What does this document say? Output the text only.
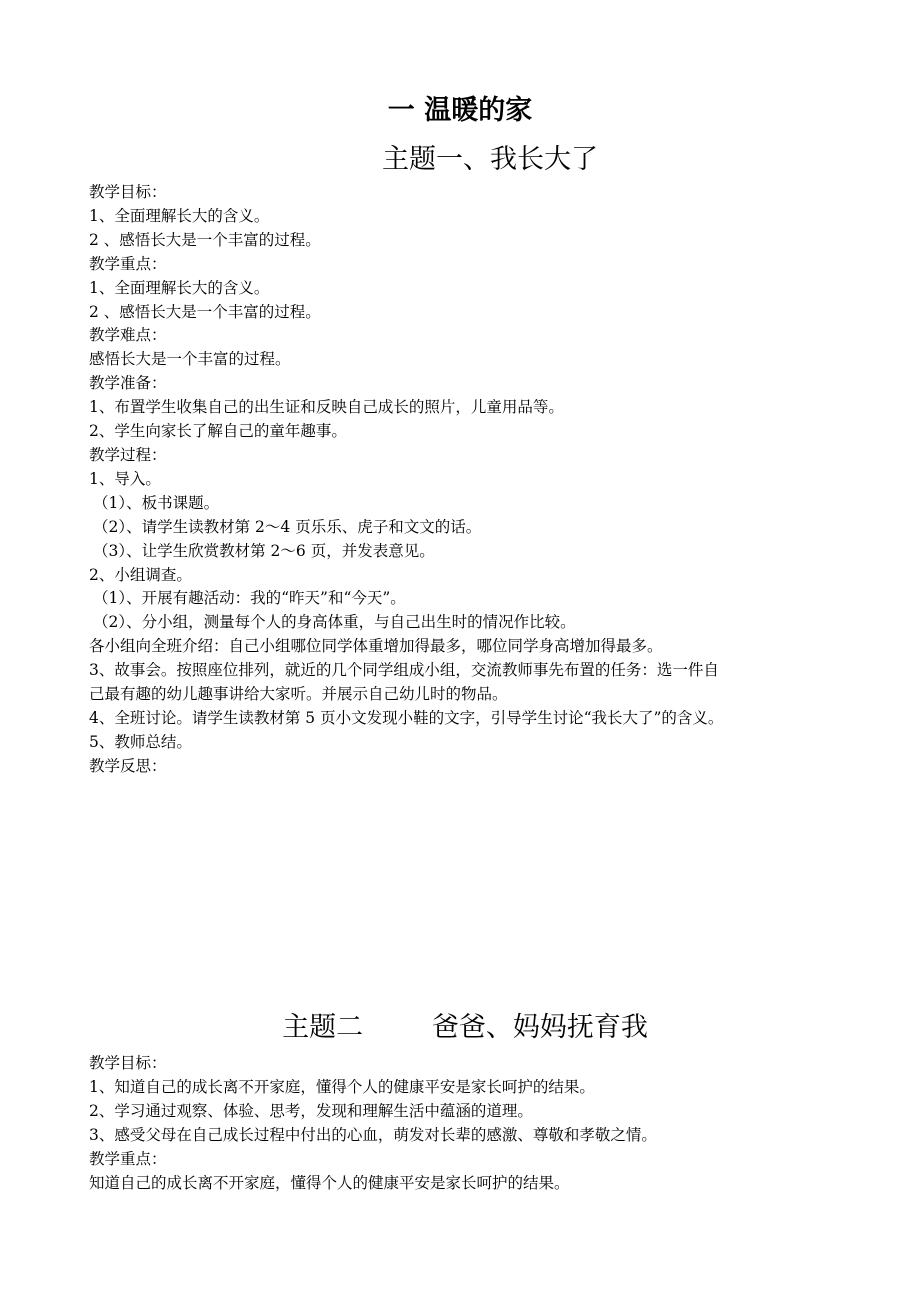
一 温暖的家
主题一、我长大了
教学目标：
1、全面理解长大的含义。
2 、感悟长大是一个丰富的过程。
教学重点：
1、全面理解长大的含义。
2 、感悟长大是一个丰富的过程。
教学难点：
感悟长大是一个丰富的过程。
教学准备：
1、布置学生收集自己的出生证和反映自己成长的照片，儿童用品等。
2、学生向家长了解自己的童年趣事。
教学过程：
1、导入。
（1）、板书课题。
（2）、请学生读教材第 2～4 页乐乐、虎子和文文的话。
（3）、让学生欣赏教材第 2～6 页，并发表意见。
2、小组调查。
（1）、开展有趣活动：我的“昨天”和“今天”。
（2）、分小组，测量每个人的身高体重，与自己出生时的情况作比较。
各小组向全班介绍：自己小组哪位同学体重增加得最多，哪位同学身高增加得最多。
3、故事会。按照座位排列，就近的几个同学组成小组，交流教师事先布置的任务：选一件自
己最有趣的幼儿趣事讲给大家听。并展示自己幼儿时的物品。
4、全班讨论。请学生读教材第 5 页小文发现小鞋的文字，引导学生讨论“我长大了”的含义。
5、教师总结。
教学反思：
主题二        爸爸、妈妈抚育我
教学目标：
1、知道自己的成长离不开家庭，懂得个人的健康平安是家长呵护的结果。
2、学习通过观察、体验、思考，发现和理解生活中蕴涵的道理。
3、感受父母在自己成长过程中付出的心血，萌发对长辈的感激、尊敬和孝敬之情。
教学重点：
知道自己的成长离不开家庭，懂得个人的健康平安是家长呵护的结果。
